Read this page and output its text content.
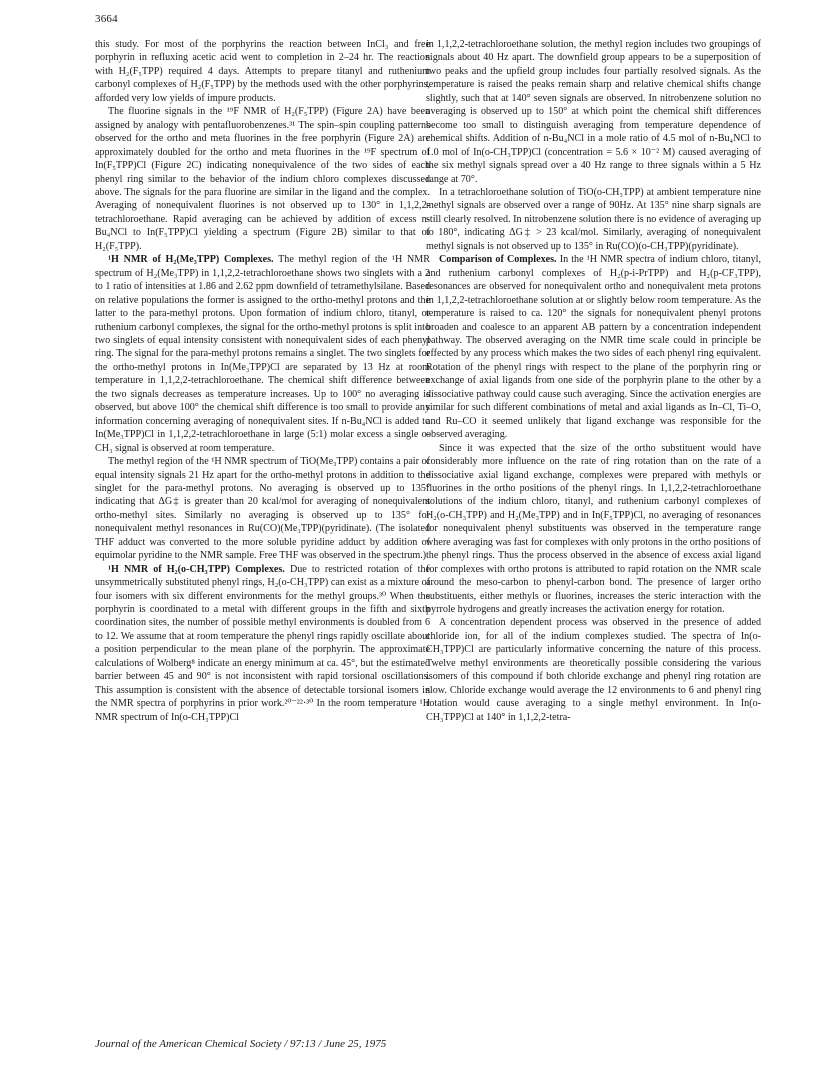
3664

this study. For most of the porphyrins the reaction between InCl₃ and free porphyrin in refluxing acetic acid went to completion in 2–24 hr. The reaction with H₂(F₅TPP) required 4 days. Attempts to prepare titanyl and ruthenium carbonyl complexes of H₂(F₅TPP) by the methods used with the other porphyrins, afforded very low yields of impure products.

The fluorine signals in the ¹⁹F NMR of H₂(F₅TPP) (Figure 2A) have been assigned by analogy with pentafluorobenzenes.³¹ The spin–spin coupling patterns observed for the ortho and meta fluorines in the free porphyrin (Figure 2A) are approximately doubled for the ortho and meta fluorines in the ¹⁹F spectrum of In(F₅TPP)Cl (Figure 2C) indicating nonequivalence of the two sides of each phenyl ring similar to the behavior of the indium chloro complexes discussed above. The signals for the para fluorine are similar in the ligand and the complex. Averaging of nonequivalent fluorines is not observed up to 130° in 1,1,2,2-tetrachloroethane. Rapid averaging can be achieved by addition of excess n-Bu₄NCl to In(F₅TPP)Cl yielding a spectrum (Figure 2B) similar to that of H₂(F₅TPP).

¹H NMR of H₂(Me₃TPP) Complexes. The methyl region of the ¹H NMR spectrum of H₂(Me₃TPP) in 1,1,2,2-tetrachloroethane shows two singlets with a 2 to 1 ratio of intensities at 1.86 and 2.62 ppm downfield of tetramethylsilane. Based on relative populations the former is assigned to the ortho-methyl protons and the latter to the para-methyl protons. Upon formation of indium chloro, titanyl, or ruthenium carbonyl complexes, the signal for the ortho-methyl protons is split into two singlets of equal intensity consistent with nonequivalent sides of each phenyl ring. The signal for the para-methyl protons remains a singlet. The two singlets for the ortho-methyl protons in In(Me₃TPP)Cl are separated by 13 Hz at room temperature in 1,1,2,2-tetrachloroethane. The chemical shift difference between the two signals decreases as temperature increases. Up to 100° no averaging is observed, but above 100° the chemical shift difference is too small to provide any information concerning averaging of nonequivalent sites. If n-Bu₄NCl is added to In(Me₃TPP)Cl in 1,1,2,2-tetrachloroethane in large (5:1) molar excess a single o-CH₃ signal is observed at room temperature.

The methyl region of the ¹H NMR spectrum of TiO(Me₃TPP) contains a pair of equal intensity signals 21 Hz apart for the ortho-methyl protons in addition to the singlet for the para-methyl protons. No averaging is observed up to 135° indicating that ΔG‡ is greater than 20 kcal/mol for averaging of nonequivalent ortho-methyl sites. Similarly no averaging is observed up to 135° for nonequivalent methyl resonances in Ru(CO)(Me₃TPP)(pyridinate). (The isolated THF adduct was converted to the more soluble pyridine adduct by addition of equimolar pyridine to the NMR sample. Free THF was observed in the spectrum.)

¹H NMR of H₂(o-CH₃TPP) Complexes. Due to restricted rotation of the unsymmetrically substituted phenyl rings, H₂(o-CH₃TPP) can exist as a mixture of four isomers with six different environments for the methyl groups.³⁰ When the porphyrin is coordinated to a metal with different groups in the fifth and sixth coordination sites, the number of possible methyl environments is doubled from 6 to 12. We assume that at room temperature the phenyl rings rapidly oscillate about a position perpendicular to the mean plane of the porphyrin. The approximate calculations of Wolberg⁸ indicate an energy minimum at ca. 45°, but the estimated barrier between 45 and 90° is not inconsistent with rapid torsional oscillations. This assumption is consistent with the absence of detectable torsional isomers in the NMR spectra of porphyrins in prior work.²⁰⁻²²·³⁰ In the room temperature ¹H NMR spectrum of In(o-CH₃TPP)Cl

in 1,1,2,2-tetrachloroethane solution, the methyl region includes two groupings of signals about 40 Hz apart. The downfield group appears to be a superposition of two peaks and the upfield group includes four partially resolved signals. As the temperature is raised the peaks remain sharp and relative chemical shifts change slightly, such that at 140° seven signals are observed. In nitrobenzene solution no averaging is observed up to 150° at which point the chemical shift differences become too small to distinguish averaging from temperature dependence of chemical shifts. Addition of n-Bu₄NCl in a mole ratio of 4.5 mol of n-Bu₄NCl to 1.0 mol of In(o-CH₃TPP)Cl (concentration = 5.6 × 10⁻² M) caused averaging of the six methyl signals spread over a 40 Hz range to three signals within a 5 Hz range at 70°.

In a tetrachloroethane solution of TiO(o-CH₃TPP) at ambient temperature nine methyl signals are observed over a range of 90Hz. At 135° nine sharp signals are still clearly resolved. In nitrobenzene solution there is no evidence of averaging up to 180°, indicating ΔG‡ > 23 kcal/mol. Similarly, averaging of nonequivalent methyl signals is not observed up to 135° in Ru(CO)(o-CH₃TPP)(pyridinate).

Comparison of Complexes. In the ¹H NMR spectra of indium chloro, titanyl, and ruthenium carbonyl complexes of H₂(p-i-PrTPP) and H₂(p-CF₃TPP), resonances are observed for nonequivalent ortho and nonequivalent meta protons in 1,1,2,2-tetrachloroethane solution at or slightly below room temperature. As the temperature is raised to ca. 120° the signals for nonequivalent phenyl protons broaden and coalesce to an apparent AB pattern by a concentration independent pathway. The observed averaging on the NMR time scale could in principle be effected by any process which makes the two sides of each phenyl ring equivalent. Rotation of the phenyl rings with respect to the plane of the porphyrin ring or exchange of axial ligands from one side of the porphyrin plane to the other by a dissociative pathway could cause such averaging. Since the activation energies are similar for such different combinations of metal and axial ligands as In–Cl, Ti–O, and Ru–CO it seemed unlikely that ligand exchange was responsible for the observed averaging.

Since it was expected that the size of the ortho substituent would have considerably more influence on the rate of ring rotation than on the rate of a dissociative axial ligand exchange, complexes were prepared with methyls or fluorines in the ortho positions of the phenyl rings. In 1,1,2,2-tetrachloroethane solutions of the indium chloro, titanyl, and ruthenium carbonyl complexes of H₂(o-CH₃TPP) and H₂(Me₃TPP) and in In(F₅TPP)Cl, no averaging of resonances for nonequivalent phenyl substituents was observed in the temperature range where averaging was fast for complexes with only protons in the ortho positions of the phenyl rings. Thus the process observed in the absence of excess axial ligand for complexes with ortho protons is attributed to rapid rotation on the NMR scale around the meso-carbon to phenyl-carbon bond. The presence of larger ortho substituents, either methyls or fluorines, increases the steric interaction with the pyrrole hydrogens and greatly increases the activation energy for rotation.

A concentration dependent process was observed in the presence of added chloride ion, for all of the indium complexes studied. The spectra of In(o-CH₃TPP)Cl are particularly informative concerning the nature of this process. Twelve methyl environments are theoretically possible considering the various isomers of this compound if both chloride exchange and phenyl ring rotation are slow. Chloride exchange would average the 12 environments to 6 and phenyl ring rotation would cause averaging to a single methyl environment. In In(o-CH₃TPP)Cl at 140° in 1,1,2,2-tetra-

Journal of the American Chemical Society / 97:13 / June 25, 1975
